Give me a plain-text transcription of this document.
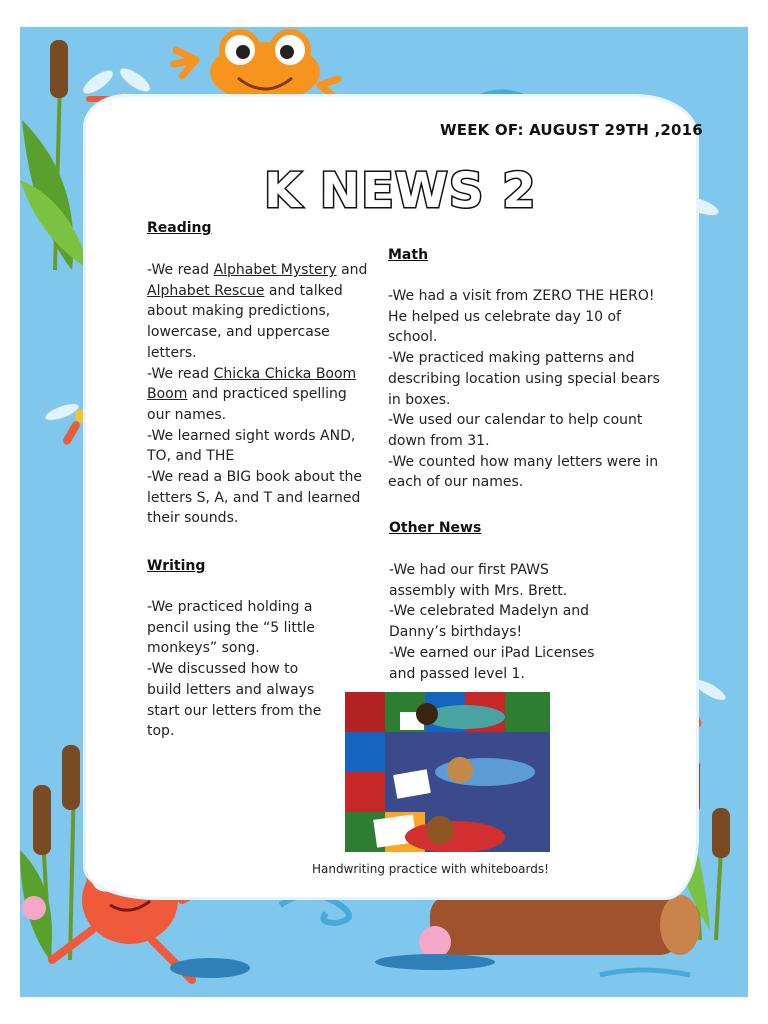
WEEK OF: AUGUST 29TH ,2016
K NEWS 2
Reading
-We read Alphabet Mystery and Alphabet Rescue and talked about making predictions, lowercase, and uppercase letters.
-We read Chicka Chicka Boom Boom and practiced spelling our names.
-We learned sight words AND, TO, and THE
-We read a BIG book about the letters S, A, and T and learned their sounds.
Writing
-We practiced holding a pencil using the “5 little monkeys” song.
-We discussed how to build letters and always start our letters from the top.
Math
-We had a visit from ZERO THE HERO! He helped us celebrate day 10 of school.
-We practiced making patterns and describing location using special bears in boxes.
-We used our calendar to help count down from 31.
-We counted how many letters were in each of our names.
Other News
-We had our first PAWS assembly with Mrs. Brett.
-We celebrated Madelyn and Danny’s birthdays!
-We earned our iPad Licenses and passed level 1.
Handwriting practice with whiteboards!
